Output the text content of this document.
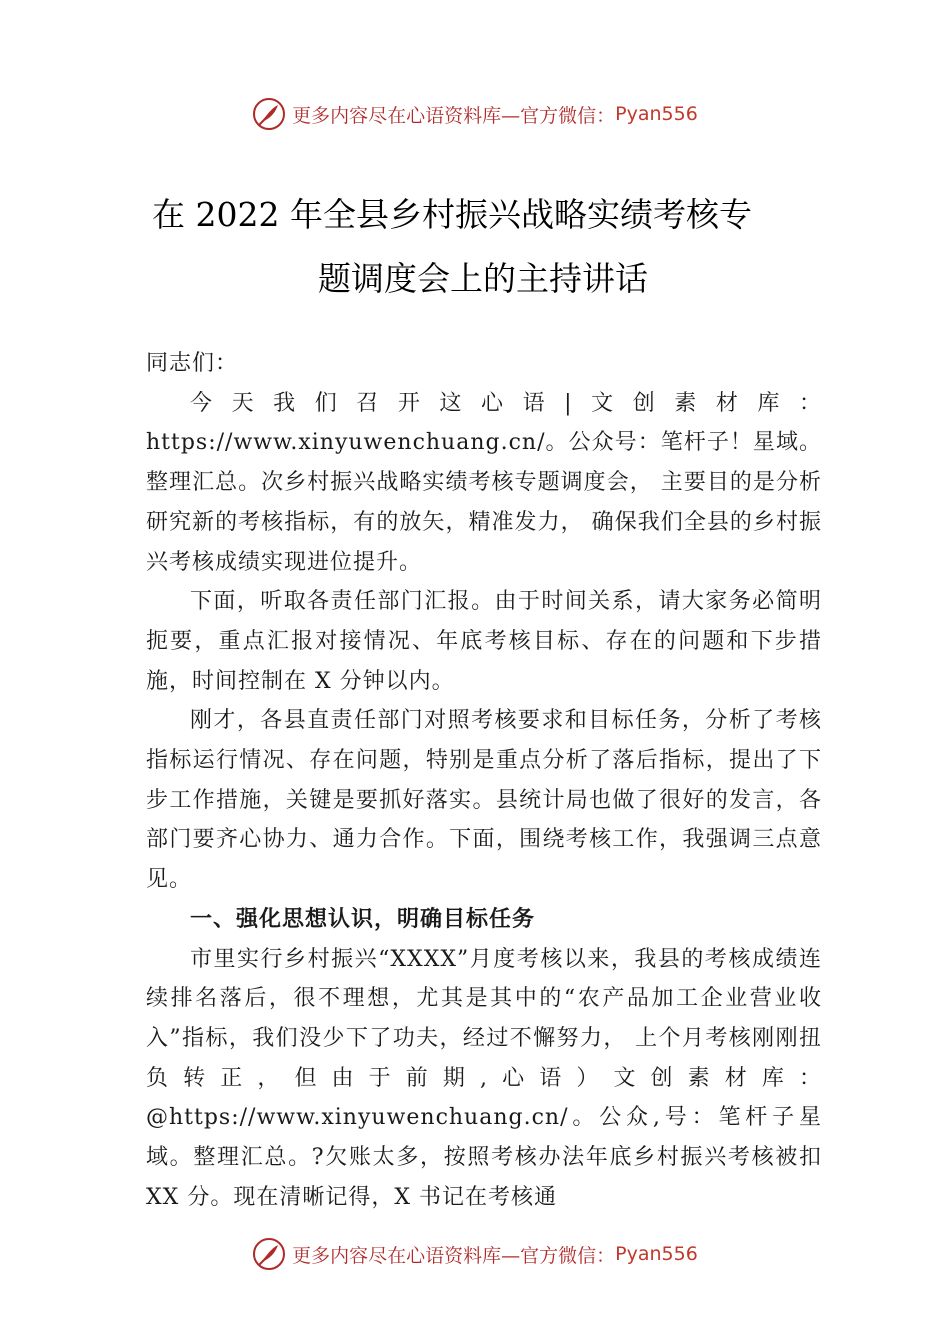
更多内容尽在心语资料库—官方微信： Pyan556
在 2022 年全县乡村振兴战略实绩考核专
题调度会上的主持讲话

同志们：

今天我们召开这心语|文创素材库：https://www.xinyuwenchuang.cn/。公众号：笔杆子！星域。整理汇总。次乡村振兴战略实绩考核专题调度会， 主要目的是分析研究新的考核指标，有的放矢，精准发力， 确保我们全县的乡村振兴考核成绩实现进位提升。

下面，听取各责任部门汇报。由于时间关系，请大家务必简明扼要，重点汇报对接情况、年底考核目标、存在的问题和下步措施，时间控制在 X 分钟以内。

刚才，各县直责任部门对照考核要求和目标任务，分析了考核指标运行情况、存在问题，特别是重点分析了落后指标，提出了下步工作措施，关键是要抓好落实。县统计局也做了很好的发言，各部门要齐心协力、通力合作。下面，围绕考核工作，我强调三点意见。

一、强化思想认识，明确目标任务

市里实行乡村振兴“XXXX”月度考核以来，我县的考核成绩连续排名落后，很不理想，尤其是其中的“农产品加工企业营业收入”指标，我们没少下了功夫，经过不懈努力， 上个月考核刚刚扭负转正，但由于前期,心语）文创素材库：@https://www.xinyuwenchuang.cn/。公众,号：笔杆子星域。整理汇总。?欠账太多，按照考核办法年底乡村振兴考核被扣 XX 分。现在清晰记得，X 书记在考核通

更多内容尽在心语资料库—官方微信： Pyan556
